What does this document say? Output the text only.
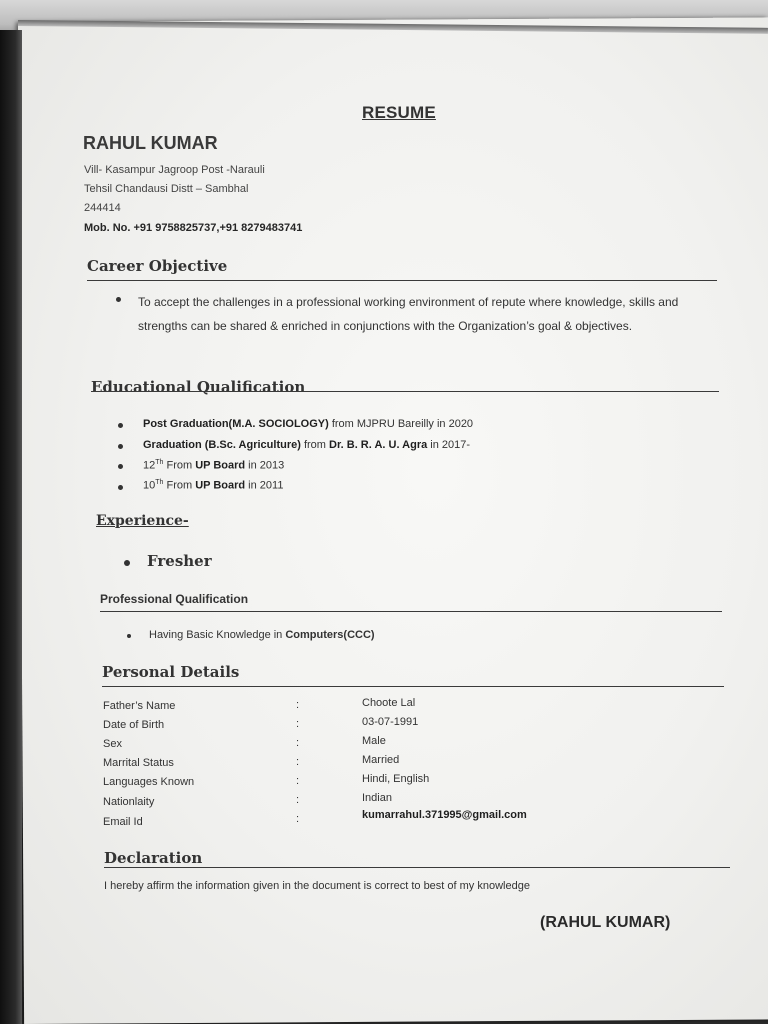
RESUME
RAHUL KUMAR
Vill- Kasampur Jagroop Post -Narauli
Tehsil Chandausi Distt – Sambhal
244414
Mob. No. +91 9758825737,+91 8279483741
Career Objective
To accept the challenges in a professional working environment of repute where knowledge, skills and strengths can be shared & enriched in conjunctions with the Organization’s goal & objectives.
Educational Qualification
Post Graduation(M.A. SOCIOLOGY) from MJPRU Bareilly in 2020
Graduation (B.Sc. Agriculture) from Dr. B. R. A. U. Agra in 2017-
12Th From UP Board in 2013
10Th From UP Board in 2011
Experience-
Fresher
Professional Qualification
Having Basic Knowledge in Computers(CCC)
Personal Details
Father’s Name	:	Choote Lal
Date of Birth	:	03-07-1991
Sex	:	Male
Marrital Status	:	Married
Languages Known	:	Hindi, English
Nationlaity	:	Indian
Email Id	:	kumarrahul.371995@gmail.com
Declaration
I hereby affirm the information given in the document is correct to best of my knowledge
(RAHUL KUMAR)
